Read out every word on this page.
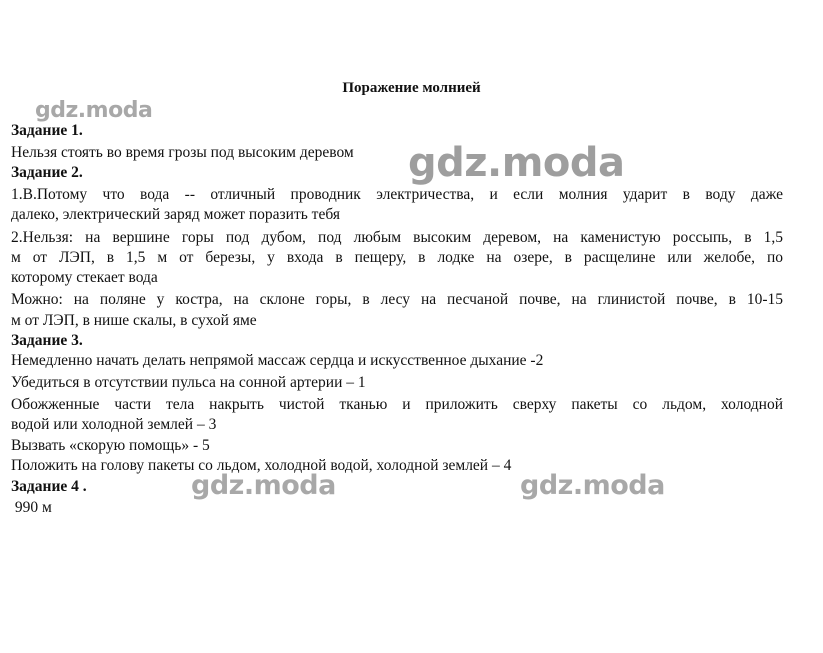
Поражение молнией
Задание 1.
Нельзя стоять во время грозы под высоким деревом
Задание 2.
1.В.Потому что вода -- отличный проводник электричества, и если молния ударит в воду даже
далеко, электрический заряд может поразить тебя
2.Нельзя: на вершине горы под дубом, под любым высоким деревом, на каменистую россыпь, в 1,5
м от ЛЭП, в 1,5 м от березы, у входа в пещеру, в лодке на озере, в расщелине или желобе, по
которому стекает вода
Можно: на поляне у костра, на склоне горы, в лесу на песчаной почве, на глинистой почве, в 10-15
м от ЛЭП, в нише скалы, в сухой яме
Задание 3.
Немедленно начать делать непрямой массаж сердца и искусственное дыхание -2
Убедиться в отсутствии пульса на сонной артерии – 1
Обожженные части тела накрыть чистой тканью и приложить сверху пакеты со льдом, холодной
водой или холодной землей – 3
Вызвать «скорую помощь» - 5
Положить на голову пакеты со льдом, холодной водой, холодной землей – 4
Задание 4 .
990 м
gdz.moda
gdz.moda
gdz.moda	gdz.moda
